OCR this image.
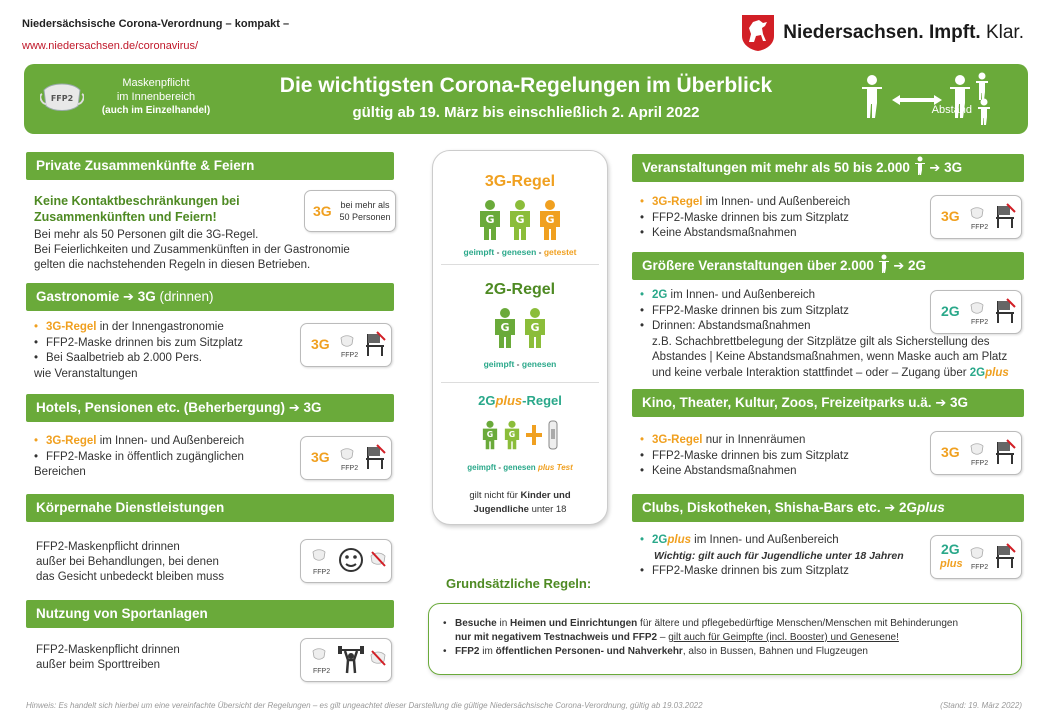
Niedersächsische Corona-Verordnung – kompakt –
www.niedersachsen.de/coronavirus/
Niedersachsen. Impft. Klar.
FFP2
Maskenpflicht
im Innenbereich
(auch im Einzelhandel)
Die wichtigsten Corona-Regelungen im Überblick
gültig ab 19. März bis einschließlich 2. April 2022	Abstand
Private Zusammenkünfte & Feiern
Keine Kontaktbeschränkungen bei Zusammenkünften und Feiern!
Bei mehr als 50 Personen gilt die 3G-Regel.
Bei Feierlichkeiten und Zusammenkünften in der Gastronomie
gelten die nachstehenden Regeln in diesen Betrieben.
3G bei mehr als
50 Personen
Gastronomie ➔ 3G (drinnen)
• 3G-Regel in der Innengastronomie
• FFP2-Maske drinnen bis zum Sitzplatz
• Bei Saalbetrieb ab 2.000 Pers.
wie Veranstaltungen
3G
FFP2
Hotels, Pensionen etc. (Beherbergung) ➔ 3G
• 3G-Regel im Innen- und Außenbereich
• FFP2-Maske in öffentlich zugänglichen
Bereichen
3G
FFP2
Körpernahe Dienstleistungen
FFP2-Maskenpflicht drinnen
außer bei Behandlungen, bei denen
das Gesicht unbedeckt bleiben muss	FFP2
Nutzung von Sportanlagen
FFP2-Maskenpflicht drinnen
außer beim Sporttreiben
FFP2
3G-Regel
G G G
geimpft - genesen - getestet
2G-Regel
G G
geimpft - genesen
2Gplus-Regel
G G
geimpft - genesen plus Test
gilt nicht für Kinder und Jugendliche unter 18
Veranstaltungen mit mehr als 50 bis 2.000 ➔ 3G
• 3G-Regel im Innen- und Außenbereich
• FFP2-Maske drinnen bis zum Sitzplatz
• Keine Abstandsmaßnahmen
3G
FFP2
Größere Veranstaltungen über 2.000 ➔ 2G
• 2G im Innen- und Außenbereich
• FFP2-Maske drinnen bis zum Sitzplatz
• Drinnen: Abstandsmaßnahmen
z.B. Schachbrettbelegung der Sitzplätze gilt als Sicherstellung des
Abstandes | Keine Abstandsmaßnahmen, wenn Maske auch am Platz
und keine verbale Interaktion stattfindet – oder – Zugang über 2Gplus
2G
FFP2
Kino, Theater, Kultur, Zoos, Freizeitparks u.ä. ➔ 3G
• 3G-Regel nur in Innenräumen
• FFP2-Maske drinnen bis zum Sitzplatz
• Keine Abstandsmaßnahmen
3G
FFP2
Clubs, Diskotheken, Shisha-Bars etc. ➔ 2Gplus
• 2Gplus im Innen- und Außenbereich
Wichtig: gilt auch für Jugendliche unter 18 Jahren
• FFP2-Maske drinnen bis zum Sitzplatz
2G
plus FFP2
Grundsätzliche Regeln:
• Besuche in Heimen und Einrichtungen für ältere und pflegebedürftige Menschen/Menschen mit Behinderungen
nur mit negativem Testnachweis und FFP2 – gilt auch für Geimpfte (incl. Booster) und Genesene!
• FFP2 im öffentlichen Personen- und Nahverkehr, also in Bussen, Bahnen und Flugzeugen
Hinweis: Es handelt sich hierbei um eine vereinfachte Übersicht der Regelungen – es gilt ungeachtet dieser Darstellung die gültige Niedersächsische Corona-Verordnung, gültig ab 19.03.2022	(Stand: 19. März 2022)
